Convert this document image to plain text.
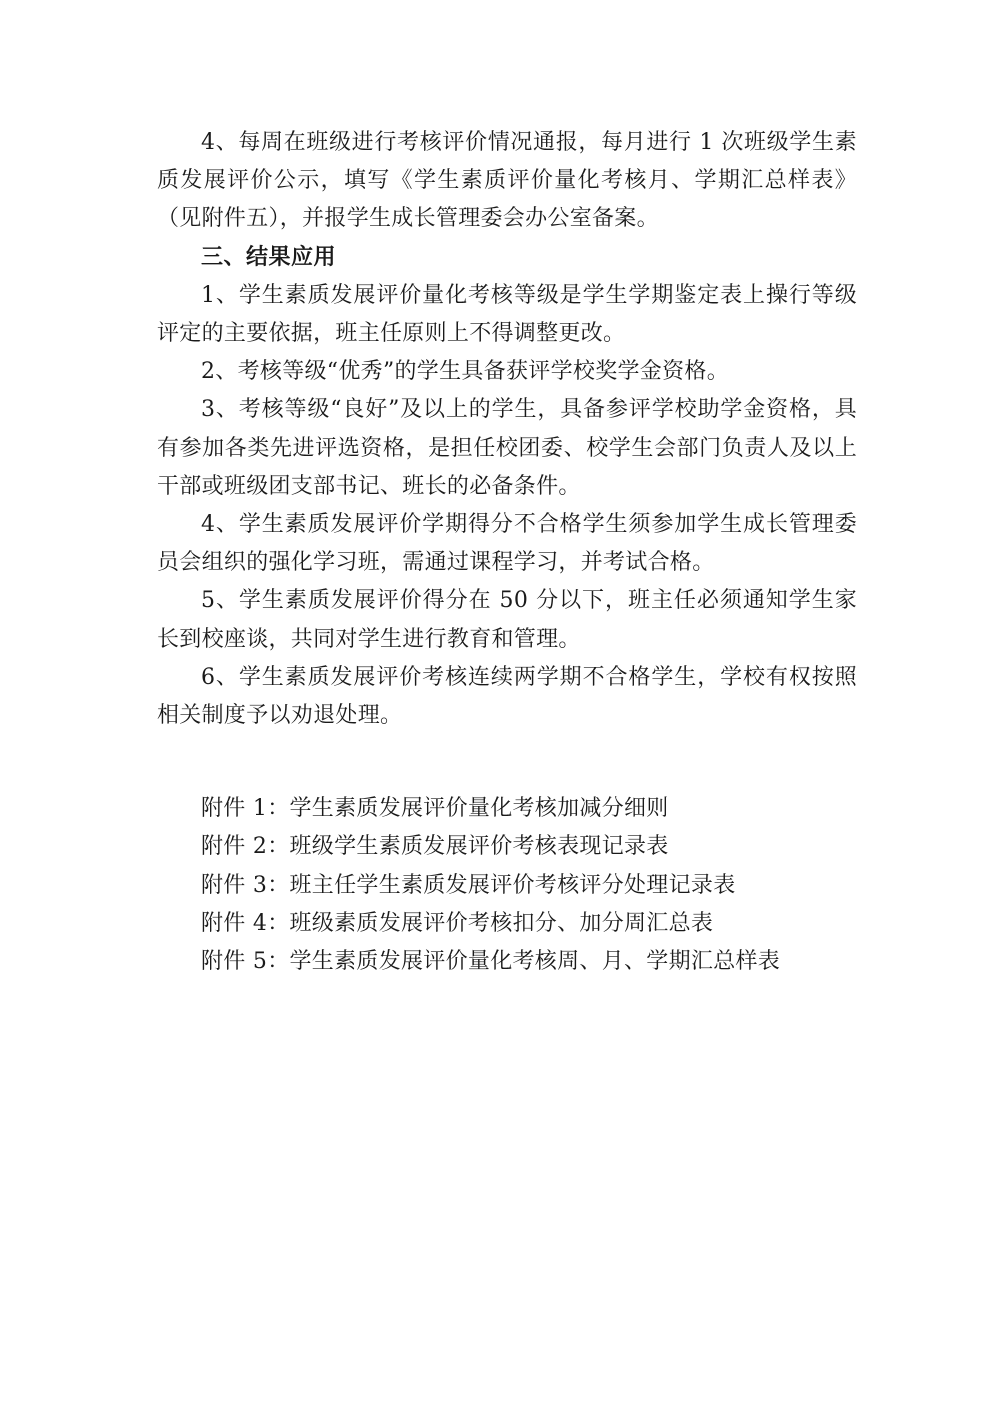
4、每周在班级进行考核评价情况通报，每月进行 1 次班级学生素质发展评价公示，填写《学生素质评价量化考核月、学期汇总样表》（见附件五），并报学生成长管理委会办公室备案。

三、结果应用

1、学生素质发展评价量化考核等级是学生学期鉴定表上操行等级评定的主要依据，班主任原则上不得调整更改。

2、考核等级“优秀”的学生具备获评学校奖学金资格。

3、考核等级“良好”及以上的学生，具备参评学校助学金资格，具有参加各类先进评选资格，是担任校团委、校学生会部门负责人及以上干部或班级团支部书记、班长的必备条件。

4、学生素质发展评价学期得分不合格学生须参加学生成长管理委员会组织的强化学习班，需通过课程学习，并考试合格。

5、学生素质发展评价得分在 50 分以下，班主任必须通知学生家长到校座谈，共同对学生进行教育和管理。

6、学生素质发展评价考核连续两学期不合格学生，学校有权按照相关制度予以劝退处理。

附件 1：学生素质发展评价量化考核加减分细则

附件 2：班级学生素质发展评价考核表现记录表

附件 3：班主任学生素质发展评价考核评分处理记录表

附件 4：班级素质发展评价考核扣分、加分周汇总表

附件 5：学生素质发展评价量化考核周、月、学期汇总样表
